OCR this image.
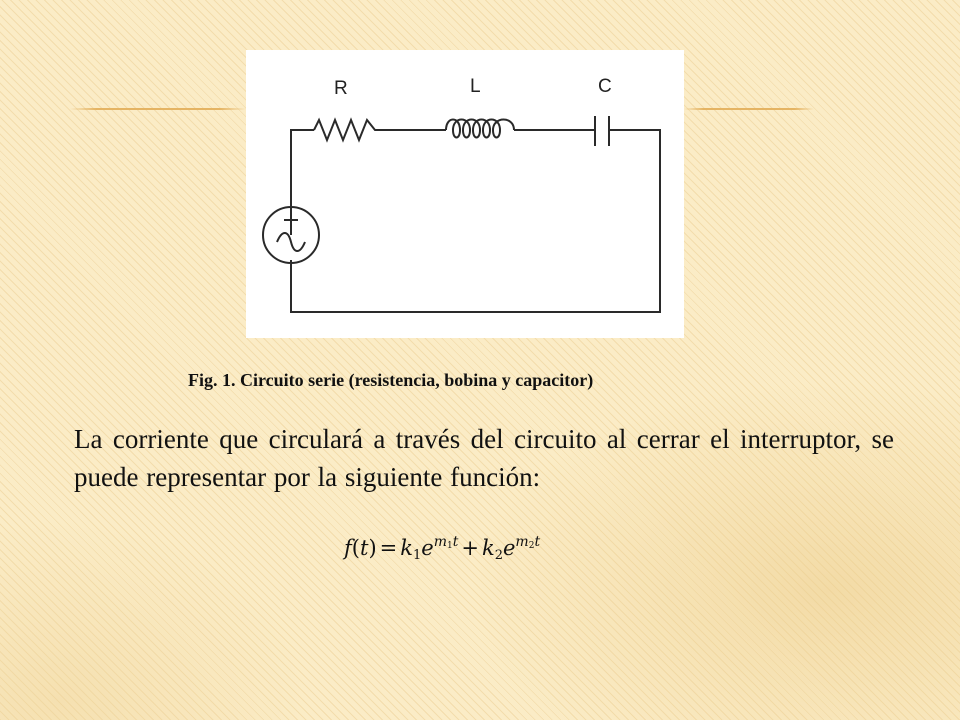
R	L	C
Fig. 1. Circuito serie (resistencia, bobina y capacitor)
La corriente que circulará a través del circuito al cerrar el interruptor, se puede representar por la siguiente función:
$f(t) = k_1e^{m_1t} + k_2e^{m_2t}$
